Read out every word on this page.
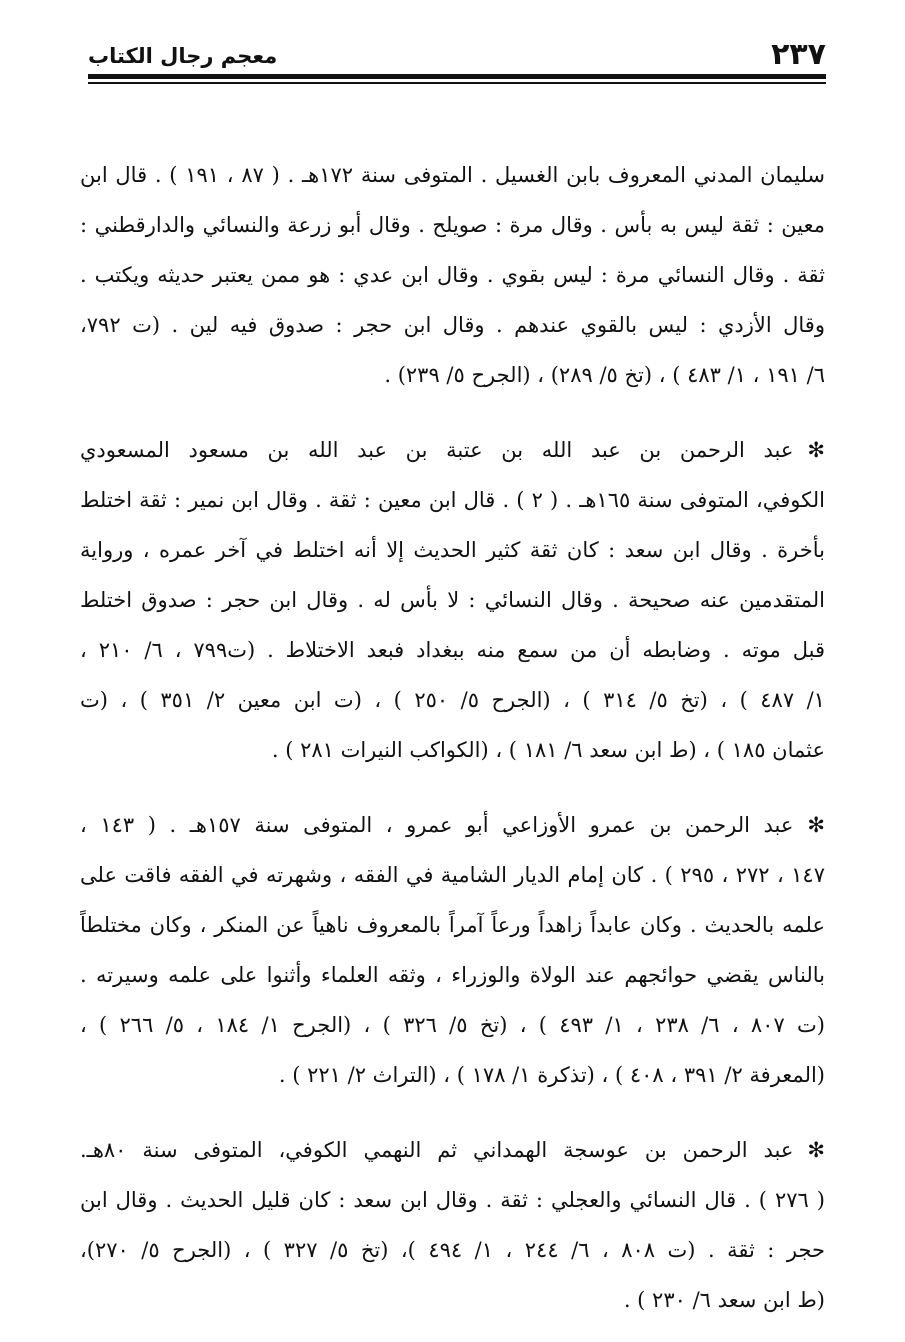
٢٣٧
معجم رجال الكتاب
سليمان المدني المعروف بابن الغسيل . المتوفى سنة ١٧٢هـ . ( ٨٧ ، ١٩١ ) . قال ابن
معين : ثقة ليس به بأس . وقال مرة : صويلح . وقال أبو زرعة والنسائي والدارقطني :
ثقة . وقال النسائي مرة : ليس بقوي . وقال ابن عدي : هو ممن يعتبر حديثه ويكتب .
وقال الأزدي : ليس بالقوي عندهم . وقال ابن حجر : صدوق فيه لين . (ت ٧٩٢،
٦/ ١٩١ ، ١/ ٤٨٣ ) ، (تخ ٥/ ٢٨٩) ، (الجرح ٥/ ٢٣٩) .
✻عبد الرحمن بن عبد الله بن عتبة بن عبد الله بن مسعود المسعودي
الكوفي، المتوفى سنة ١٦٥هـ . ( ٢ ) . قال ابن معين : ثقة . وقال ابن نمير : ثقة اختلط
بأخرة . وقال ابن سعد : كان ثقة كثير الحديث إلا أنه اختلط في آخر عمره ، ورواية
المتقدمين عنه صحيحة . وقال النسائي : لا بأس له . وقال ابن حجر : صدوق اختلط
قبل موته . وضابطه أن من سمع منه ببغداد فبعد الاختلاط . (ت٧٩٩ ، ٦/ ٢١٠ ،
١/ ٤٨٧ ) ، (تخ ٥/ ٣١٤ ) ، (الجرح ٥/ ٢٥٠ ) ، (ت ابن معين ٢/ ٣٥١ ) ، (ت
عثمان ١٨٥ ) ، (ط ابن سعد ٦/ ١٨١ ) ، (الكواكب النيرات ٢٨١ ) .
✻عبد الرحمن بن عمرو الأوزاعي أبو عمرو ، المتوفى سنة ١٥٧هـ . ( ١٤٣ ،
١٤٧ ، ٢٧٢ ، ٢٩٥ ) . كان إمام الديار الشامية في الفقه ، وشهرته في الفقه فاقت على
علمه بالحديث . وكان عابداً زاهداً ورعاً آمراً بالمعروف ناهياً عن المنكر ، وكان مختلطاً
بالناس يقضي حوائجهم عند الولاة والوزراء ، وثقه العلماء وأثنوا على علمه وسيرته .
(ت ٨٠٧ ، ٦/ ٢٣٨ ، ١/ ٤٩٣ ) ، (تخ ٥/ ٣٢٦ ) ، (الجرح ١/ ١٨٤ ، ٥/ ٢٦٦ ) ،
(المعرفة ٢/ ٣٩١ ، ٤٠٨ ) ، (تذكرة ١/ ١٧٨ ) ، (التراث ٢/ ٢٢١ ) .
✻عبد الرحمن بن عوسجة الهمداني ثم النهمي الكوفي، المتوفى سنة ٨٠هـ.
( ٢٧٦ ) . قال النسائي والعجلي : ثقة . وقال ابن سعد : كان قليل الحديث . وقال ابن
حجر : ثقة . (ت ٨٠٨ ، ٦/ ٢٤٤ ، ١/ ٤٩٤ )، (تخ ٥/ ٣٢٧ ) ، (الجرح ٥/ ٢٧٠)،
(ط ابن سعد ٦/ ٢٣٠ ) .
